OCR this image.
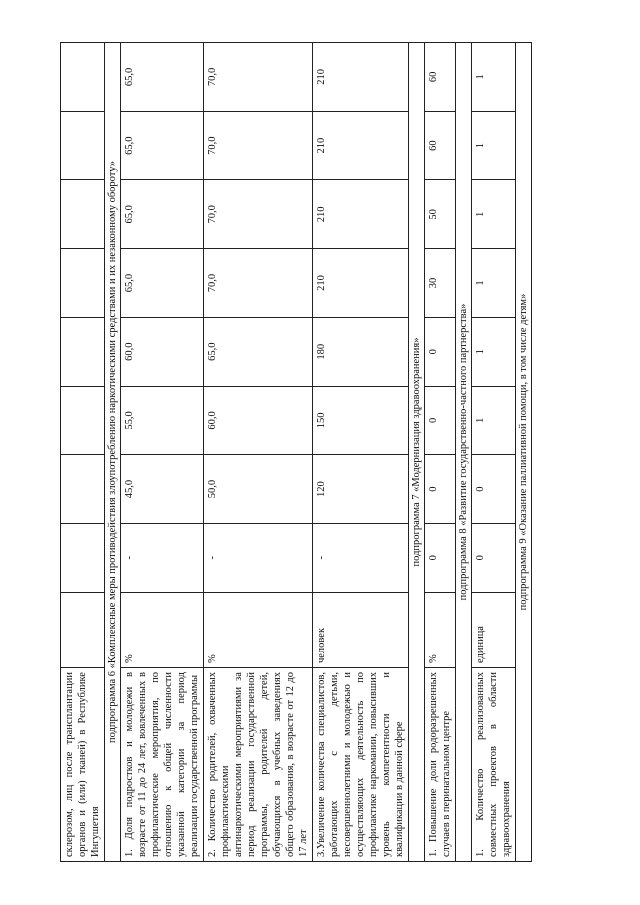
склерозом, лиц после трансплантации органов и (или) тканей) в Республике Ингушетия									
подпрограмма 6 «Комплексные меры противодействия злоупотреблению наркотическими средствами и их незаконному обороту»									
1. Доля подростков и молодежи в возрасте от 11 до 24 лет, вовлеченных в профилактические мероприятия, по отношению к общей численности указанной категории за период реализации государственной программы	%	-	45,0	55,0	60,0	65,0	65,0	65,0	65,0
2. Количество родителей, охваченных профилактическими антинаркотическими мероприятиями за период реализации государственной программы, родителей детей, обучающихся в учебных заведениях общего образования, в возрасте от 12 до 17 лет	%	-	50,0	60,0	65,0	70,0	70,0	70,0	70,0
3.Увеличение количества специалистов, работающих с детьми, несовершеннолетними и молодежью и осуществляющих деятельность по профилактике наркомании, повысивших уровень компетентности и квалификации в данной сфере	человек	-	120	150	180	210	210	210	210
подпрограмма 7 «Модернизация здравоохранения»									
1. Повышение доли родоразрешенных случаев в перинатальном центре	%	0	0	0	0	30	50	60	60
подпрограмма 8 «Развитие государственно-частного партнерства»									
1. Количество реализованных совместных проектов в области здравоохранения	единица	0	0	1	1	1	1	1	1
подпрограмма 9 «Оказание паллиативной помощи, в том числе детям»									
